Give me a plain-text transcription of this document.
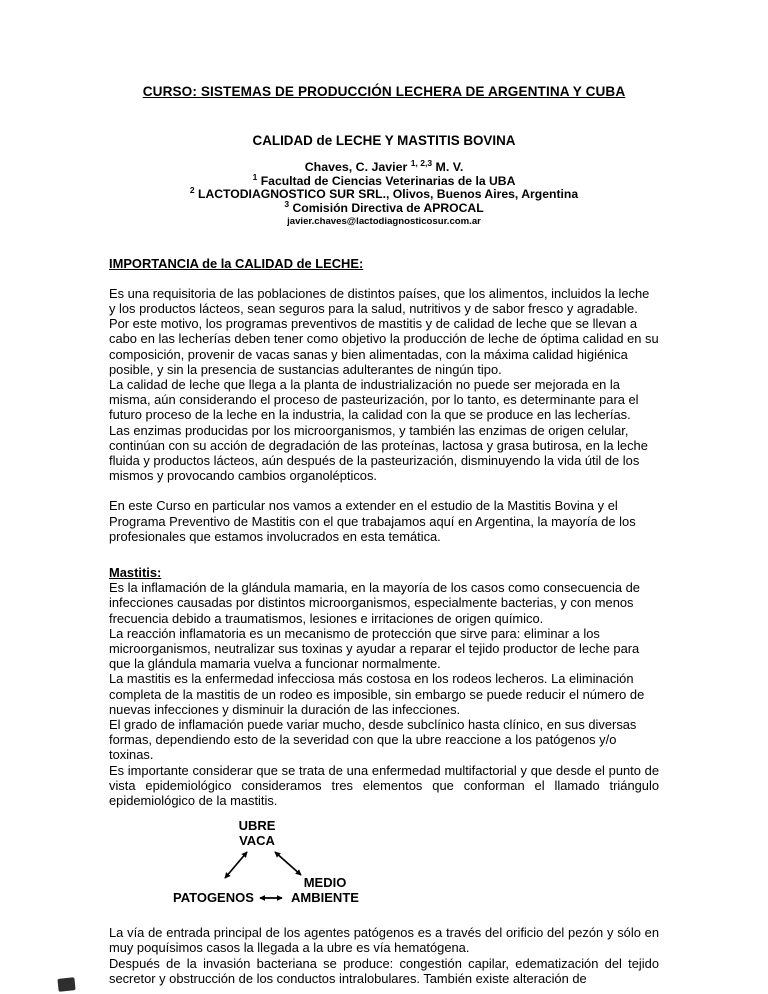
CURSO: SISTEMAS DE PRODUCCIÓN LECHERA DE ARGENTINA Y CUBA
CALIDAD de LECHE Y MASTITIS BOVINA
Chaves, C. Javier $^{1, 2,3}$ M. V.
$^1$ Facultad de Ciencias Veterinarias de la UBA
$^2$ LACTODIAGNOSTICO SUR SRL., Olivos, Buenos Aires, Argentina
$^3$ Comisión Directiva de APROCAL
javier.chaves@lactodiagnosticosur.com.ar
IMPORTANCIA de la CALIDAD de LECHE:

Es una requisitoria de las poblaciones de distintos países, que los alimentos, incluidos la leche y los productos lácteos, sean seguros para la salud, nutritivos y de sabor fresco y agradable. Por este motivo, los programas preventivos de mastitis y de calidad de leche que se llevan a cabo en las lecherías deben tener como objetivo la producción de leche de óptima calidad en su composición, provenir de vacas sanas y bien alimentadas, con la máxima calidad higiénica posible, y sin la presencia de sustancias adulterantes de ningún tipo.

La calidad de leche que llega a la planta de industrialización no puede ser mejorada en la misma, aún considerando el proceso de pasteurización, por lo tanto, es determinante para el futuro proceso de la leche en la industria, la calidad con la que se produce en las lecherías.

Las enzimas producidas por los microorganismos, y también las enzimas de origen celular, continúan con su acción de degradación de las proteínas, lactosa y grasa butirosa, en la leche fluida y productos lácteos, aún después de la pasteurización, disminuyendo la vida útil de los mismos y provocando cambios organolépticos.

En este Curso en particular nos vamos a extender en el estudio de la Mastitis Bovina y el Programa Preventivo de Mastitis con el que trabajamos aquí en Argentina, la mayoría de los profesionales que estamos involucrados en esta temática.

Mastitis:

Es la inflamación de la glándula mamaria, en la mayoría de los casos como consecuencia de infecciones causadas por distintos microorganismos, especialmente bacterias, y con menos frecuencia debido a traumatismos, lesiones e irritaciones de origen químico.

La reacción inflamatoria es un mecanismo de protección que sirve para: eliminar a los microorganismos, neutralizar sus toxinas y ayudar a reparar el tejido productor de leche para que la glándula mamaria vuelva a funcionar normalmente.

La mastitis es la enfermedad infecciosa más costosa en los rodeos lecheros. La eliminación completa de la mastitis de un rodeo es imposible, sin embargo se puede reducir el número de nuevas infecciones y disminuir la duración de las infecciones.

El grado de inflamación puede variar mucho, desde subclínico hasta clínico, en sus diversas formas, dependiendo esto de la severidad con que la ubre reaccione a los patógenos y/o toxinas.

Es importante considerar que se trata de una enfermedad multifactorial y que desde el punto de vista epidemiológico consideramos tres elementos que conforman el llamado triángulo epidemiológico de la mastitis.

UBRE
VACA
PATOGENOS
MEDIO
AMBIENTE

La vía de entrada principal de los agentes patógenos es a través del orificio del pezón y sólo en muy poquísimos casos la llegada a la ubre es vía hematógena.

Después de la invasión bacteriana se produce: congestión capilar, edematización del tejido secretor y obstrucción de los conductos intralobulares. También existe alteración de
